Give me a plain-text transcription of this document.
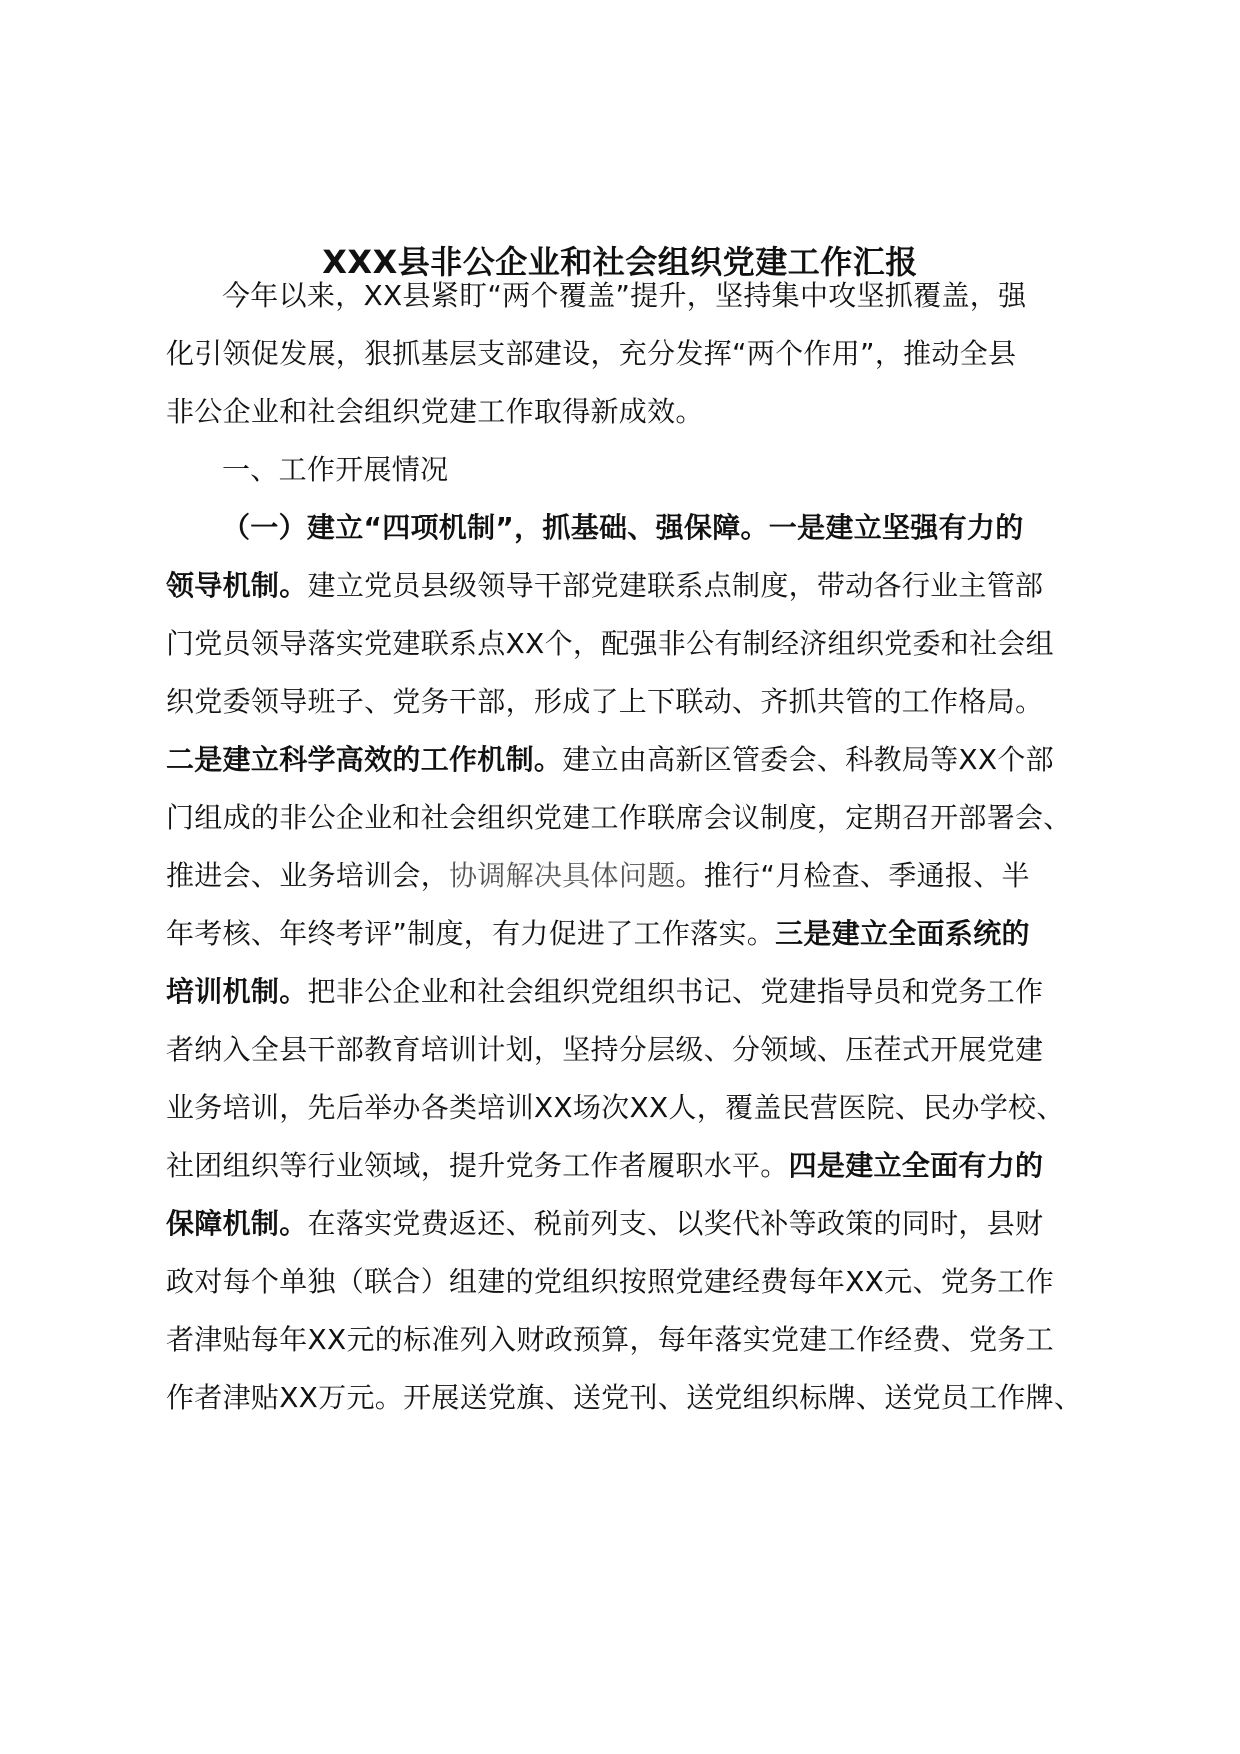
XXX县非公企业和社会组织党建工作汇报
今年以来，XX县紧盯“两个覆盖”提升，坚持集中攻坚抓覆盖，强
化引领促发展，狠抓基层支部建设，充分发挥“两个作用”，推动全县
非公企业和社会组织党建工作取得新成效。
一、工作开展情况
（一）建立“四项机制”，抓基础、强保障。一是建立坚强有力的
领导机制。建立党员县级领导干部党建联系点制度，带动各行业主管部
门党员领导落实党建联系点XX个，配强非公有制经济组织党委和社会组
织党委领导班子、党务干部，形成了上下联动、齐抓共管的工作格局。
二是建立科学高效的工作机制。建立由高新区管委会、科教局等XX个部
门组成的非公企业和社会组织党建工作联席会议制度，定期召开部署会、
推进会、业务培训会，协调解决具体问题。推行“月检查、季通报、半
年考核、年终考评”制度，有力促进了工作落实。三是建立全面系统的
培训机制。把非公企业和社会组织党组织书记、党建指导员和党务工作
者纳入全县干部教育培训计划，坚持分层级、分领域、压茬式开展党建
业务培训，先后举办各类培训XX场次XX人，覆盖民营医院、民办学校、
社团组织等行业领域，提升党务工作者履职水平。四是建立全面有力的
保障机制。在落实党费返还、税前列支、以奖代补等政策的同时，县财
政对每个单独（联合）组建的党组织按照党建经费每年XX元、党务工作
者津贴每年XX元的标准列入财政预算，每年落实党建工作经费、党务工
作者津贴XX万元。开展送党旗、送党刊、送党组织标牌、送党员工作牌、
